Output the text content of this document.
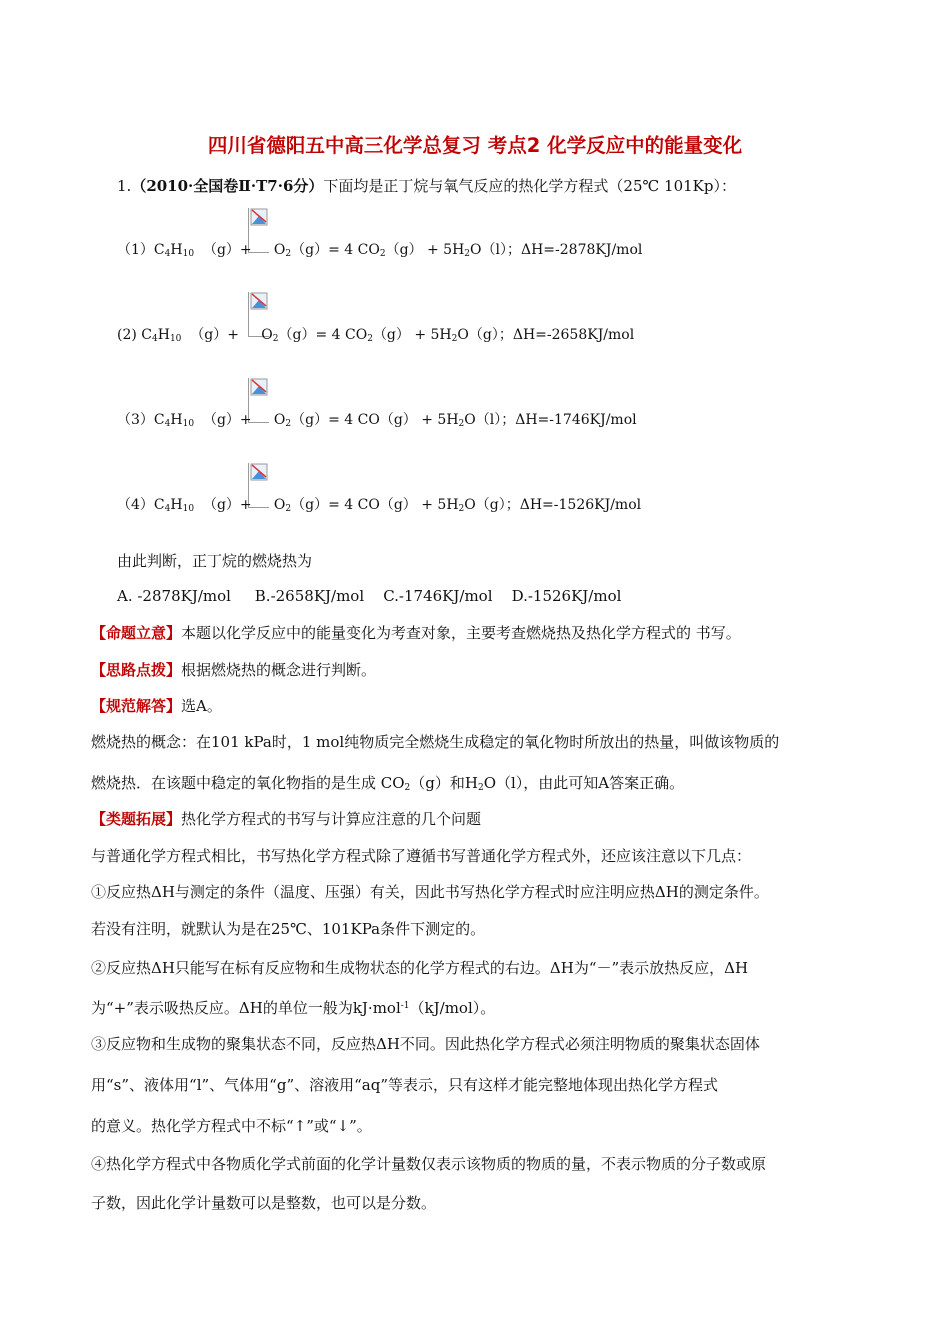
四川省德阳五中高三化学总复习 考点2 化学反应中的能量变化
1.（2010·全国卷Ⅱ·T7·6分）下面均是正丁烷与氧气反应的热化学方程式（25℃ 101Kp）：
$(1)C_4H_{10}$ $(g)+ O_2(g)= 4$ $CO_2(g) + 5H_2O(l)$；ΔH=-2878KJ/mol
(2) $C_4H_{10}$ $(g)+ O_2(g)= 4$ $CO_2(g) + 5H_2O(g)$；ΔH=-2658KJ/mol
$(3)C_4H_{10}$ $(g)+ O_2(g)= 4$ $CO(g) + 5H_2O(l)$；ΔH=-1746KJ/mol
$(4)C_4H_{10}$ $(g)+ O_2(g)= 4$ $CO(g) + 5H_2O(g)$；ΔH=-1526KJ/mol
由此判断，正丁烷的燃烧热为
A. -2878KJ/mol B.-2658KJ/mol C.-1746KJ/mol D.-1526KJ/mol
【命题立意】本题以化学反应中的能量变化为考查对象，主要考查燃烧热及热化学方程式的 书写。
【思路点拨】根据燃烧热的概念进行判断。
【规范解答】选A。
燃烧热的概念：在101 kPa时，1 mol纯物质完全燃烧生成稳定的氧化物时所放出的热量，叫做该物质的
燃烧热．在该题中稳定的氧化物指的是生成 $CO_2(g)$和$H_2O(l)$，由此可知A答案正确。
【类题拓展】热化学方程式的书写与计算应注意的几个问题
与普通化学方程式相比，书写热化学方程式除了遵循书写普通化学方程式外，还应该注意以下几点：
①反应热ΔH与测定的条件（温度、压强）有关，因此书写热化学方程式时应注明应热ΔH的测定条件。
若没有注明，就默认为是在25℃、101KPa条件下测定的。
②反应热ΔH只能写在标有反应物和生成物状态的化学方程式的右边。ΔH为“－”表示放热反应，ΔH
为“+”表示吸热反应。ΔH的单位一般为kJ·mol$^{-1}$（kJ/mol）。
③反应物和生成物的聚集状态不同，反应热ΔH不同。因此热化学方程式必须注明物质的聚集状态固体
用“s”、液体用“l”、气体用“g”、溶液用“aq”等表示，只有这样才能完整地体现出热化学方程式
的意义。热化学方程式中不标“↑”或“↓”。
④热化学方程式中各物质化学式前面的化学计量数仅表示该物质的物质的量，不表示物质的分子数或原
子数，因此化学计量数可以是整数，也可以是分数。
